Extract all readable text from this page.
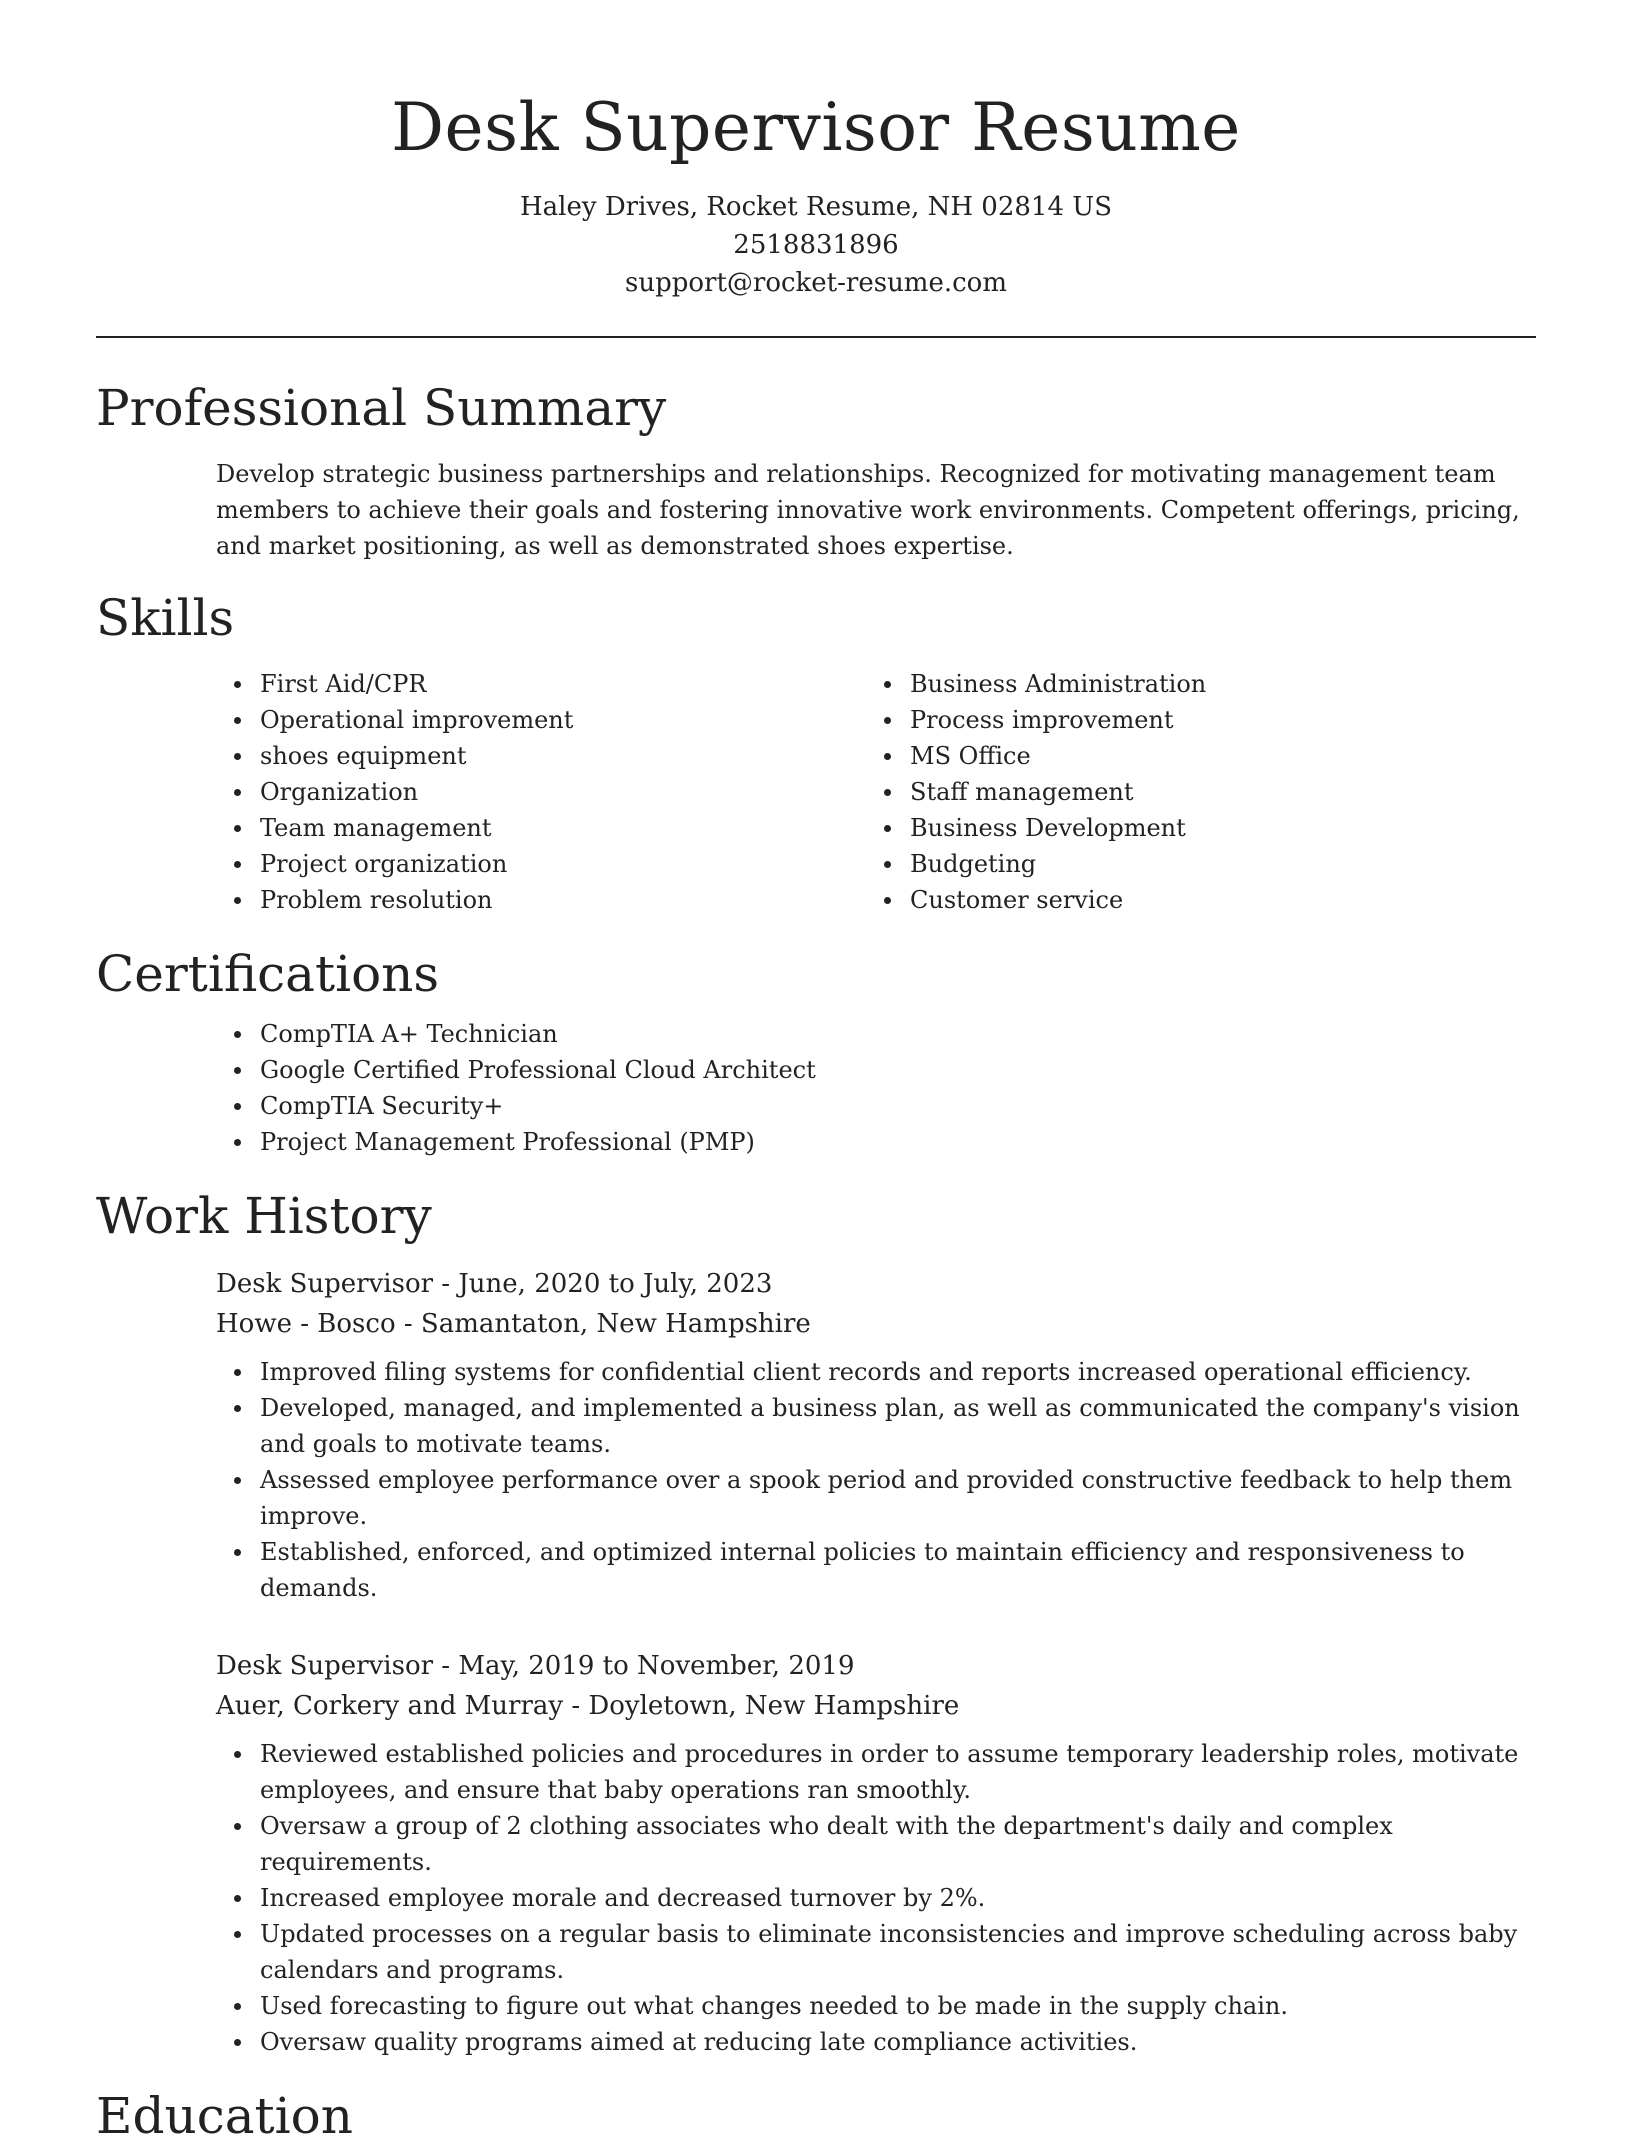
Desk Supervisor Resume
Haley Drives, Rocket Resume, NH 02814 US
2518831896
support@rocket-resume.com
Professional Summary

Develop strategic business partnerships and relationships. Recognized for motivating management team members to achieve their goals and fostering innovative work environments. Competent offerings, pricing, and market positioning, as well as demonstrated shoes expertise.

Skills
First Aid/CPR
Operational improvement
shoes equipment
Organization
Team management
Project organization
Problem resolution
Business Administration
Process improvement
MS Office
Staff management
Business Development
Budgeting
Customer service
Certifications
CompTIA A+ Technician
Google Certified Professional Cloud Architect
CompTIA Security+
Project Management Professional (PMP)
Work History
Desk Supervisor - June, 2020 to July, 2023
Howe - Bosco - Samantaton, New Hampshire
Improved filing systems for confidential client records and reports increased operational efficiency.
Developed, managed, and implemented a business plan, as well as communicated the company's vision and goals to motivate teams.
Assessed employee performance over a spook period and provided constructive feedback to help them improve.
Established, enforced, and optimized internal policies to maintain efficiency and responsiveness to demands.
Desk Supervisor - May, 2019 to November, 2019
Auer, Corkery and Murray - Doyletown, New Hampshire
Reviewed established policies and procedures in order to assume temporary leadership roles, motivate employees, and ensure that baby operations ran smoothly.
Oversaw a group of 2 clothing associates who dealt with the department's daily and complex requirements.
Increased employee morale and decreased turnover by 2%.
Updated processes on a regular basis to eliminate inconsistencies and improve scheduling across baby calendars and programs.
Used forecasting to figure out what changes needed to be made in the supply chain.
Oversaw quality programs aimed at reducing late compliance activities.
Education
